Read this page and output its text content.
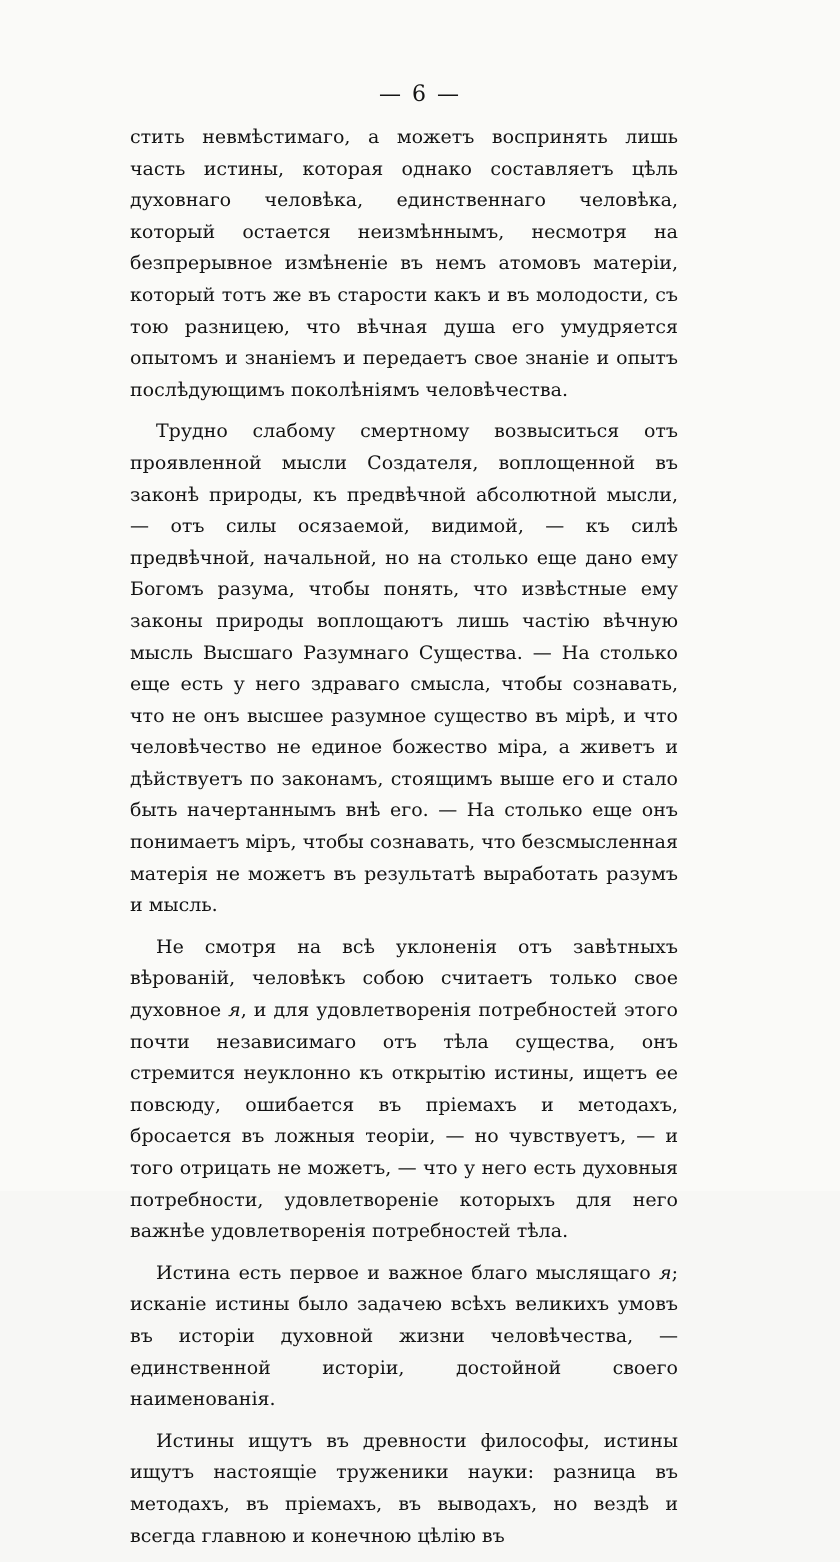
— 6 —

стить невмѣстимаго, а можетъ воспринять лишь часть истины, которая однако составляетъ цѣль духовнаго человѣка, единственнаго человѣка, который остается неизмѣннымъ, несмотря на безпрерывное измѣненіе въ немъ атомовъ матеріи, который тотъ же въ старости какъ и въ молодости, съ тою разницею, что вѣчная душа его умудряется опытомъ и знаніемъ и передаетъ свое знаніе и опытъ послѣдующимъ поколѣніямъ человѣчества.

Трудно слабому смертному возвыситься отъ проявленной мысли Создателя, воплощенной въ законѣ природы, къ предвѣчной абсолютной мысли, — отъ силы осязаемой, видимой, — къ силѣ предвѣчной, начальной, но на столько еще дано ему Богомъ разума, чтобы понять, что извѣстные ему законы природы воплощаютъ лишь частію вѣчную мысль Высшаго Разумнаго Существа. — На столько еще есть у него здраваго смысла, чтобы сознавать, что не онъ высшее разумное существо въ мірѣ, и что человѣчество не единое божество міра, а живетъ и дѣйствуетъ по законамъ, стоящимъ выше его и стало быть начертаннымъ внѣ его. — На столько еще онъ понимаетъ міръ, чтобы сознавать, что безсмысленная матерія не можетъ въ результатѣ выработать разумъ и мысль.

Не смотря на всѣ уклоненія отъ завѣтныхъ вѣрованій, человѣкъ собою считаетъ только свое духовное я, и для удовлетворенія потребностей этого почти независимаго отъ тѣла существа, онъ стремится неуклонно къ открытію истины, ищетъ ее повсюду, ошибается въ пріемахъ и методахъ, бросается въ ложныя теоріи, — но чувствуетъ, — и того отрицать не можетъ, — что у него есть духовныя потребности, удовлетвореніе которыхъ для него важнѣе удовлетворенія потребностей тѣла.

Истина есть первое и важное благо мыслящаго я; исканіе истины было задачею всѣхъ великихъ умовъ въ исторіи духовной жизни человѣчества, — единственной исторіи, достойной своего наименованія.

Истины ищутъ въ древности философы, истины ищутъ настоящіе труженики науки: разница въ методахъ, въ пріемахъ, въ выводахъ, но вездѣ и всегда главною и конечною цѣлію въ
